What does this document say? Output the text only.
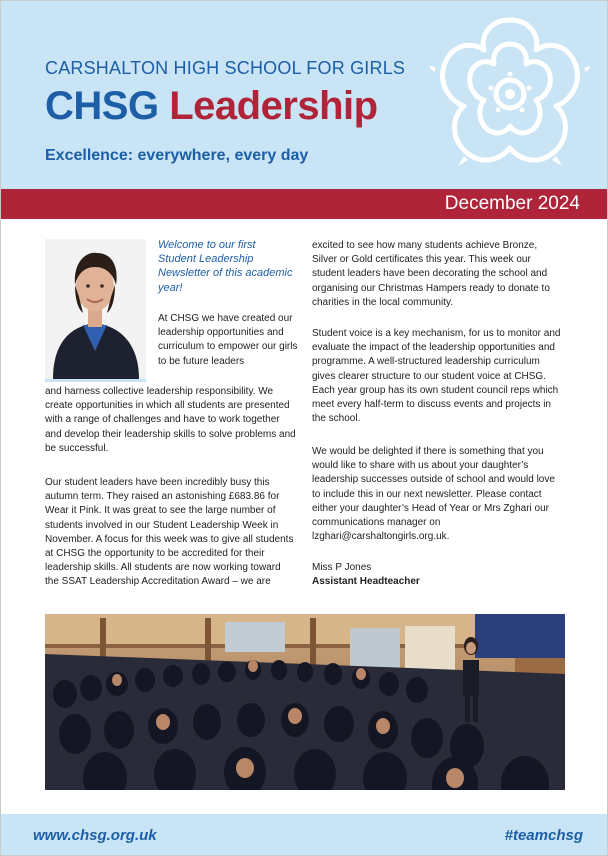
CARSHALTON HIGH SCHOOL FOR GIRLS
CHSG Leadership
Excellence: everywhere, every day
December 2024
Welcome to our first Student Leadership Newsletter of this academic year!
At CHSG we have created our leadership opportunities and curriculum to empower our girls to be future leaders
and harness collective leadership responsibility. We create opportunities in which all students are presented with a range of challenges and have to work together and develop their leadership skills to solve problems and be successful.
Our student leaders have been incredibly busy this autumn term. They raised an astonishing £683.86 for Wear it Pink. It was great to see the large number of students involved in our Student Leadership Week in November. A focus for this week was to give all students at CHSG the opportunity to be accredited for their leadership skills. All students are now working toward the SSAT Leadership Accreditation Award – we are
excited to see how many students achieve Bronze, Silver or Gold certificates this year. This week our student leaders have been decorating the school and organising our Christmas Hampers ready to donate to charities in the local community.
Student voice is a key mechanism, for us to monitor and evaluate the impact of the leadership opportunities and programme. A well-structured leadership curriculum gives clearer structure to our student voice at CHSG. Each year group has its own student council reps which meet every half-term to discuss events and projects in the school.
We would be delighted if there is something that you would like to share with us about your daughter’s leadership successes outside of school and would love to include this in our next newsletter. Please contact either your daughter’s Head of Year or Mrs Zghari our communications manager on lzghari@carshaltongirls.org.uk.
Miss P Jones
Assistant Headteacher
www.chsg.org.uk	#teamchsg
